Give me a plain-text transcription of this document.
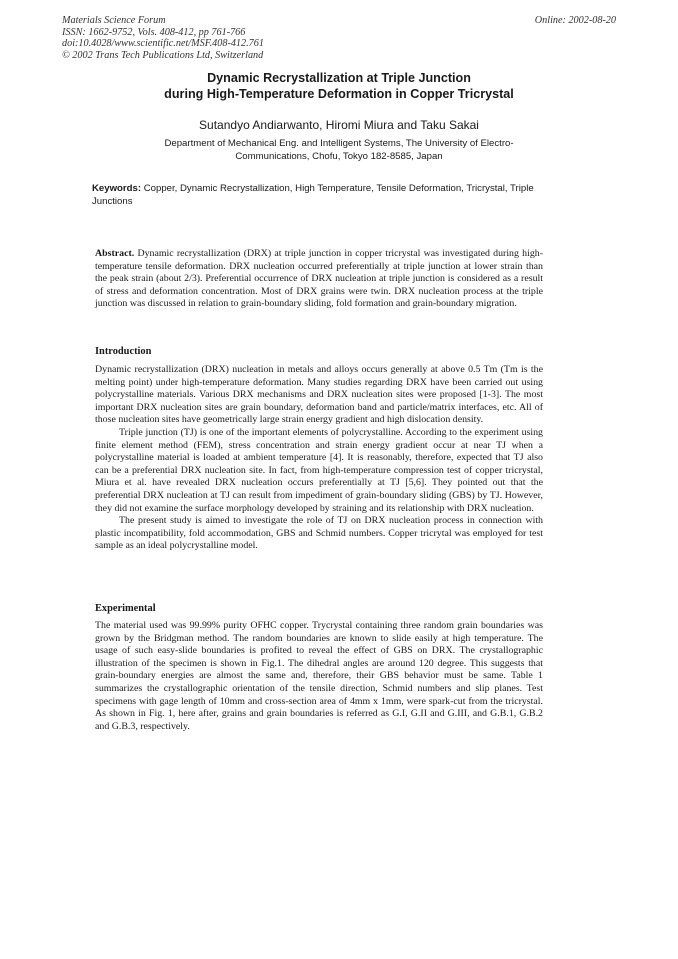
Materials Science Forum
ISSN: 1662-9752, Vols. 408-412, pp 761-766
doi:10.4028/www.scientific.net/MSF.408-412.761
© 2002 Trans Tech Publications Ltd, Switzerland
Online: 2002-08-20
Dynamic Recrystallization at Triple Junction
during High-Temperature Deformation in Copper Tricrystal
Sutandyo Andiarwanto, Hiromi Miura and Taku Sakai
Department of Mechanical Eng. and Intelligent Systems, The University of Electro-
Communications, Chofu, Tokyo 182-8585, Japan
Keywords: Copper, Dynamic Recrystallization, High Temperature, Tensile Deformation, Tricrystal, Triple Junctions

Abstract. Dynamic recrystallization (DRX) at triple junction in copper tricrystal was investigated during high-temperature tensile deformation. DRX nucleation occurred preferentially at triple junction at lower strain than the peak strain (about 2/3). Preferential occurrence of DRX nucleation at triple junction is considered as a result of stress and deformation concentration. Most of DRX grains were twin. DRX nucleation process at the triple junction was discussed in relation to grain-boundary sliding, fold formation and grain-boundary migration.

Introduction

Dynamic recrystallization (DRX) nucleation in metals and alloys occurs generally at above 0.5 Tm (Tm is the melting point) under high-temperature deformation. Many studies regarding DRX have been carried out using polycrystalline materials. Various DRX mechanisms and DRX nucleation sites were proposed [1-3]. The most important DRX nucleation sites are grain boundary, deformation band and particle/matrix interfaces, etc. All of those nucleation sites have geometrically large strain energy gradient and high dislocation density.

Triple junction (TJ) is one of the important elements of polycrystalline. According to the experiment using finite element method (FEM), stress concentration and strain energy gradient occur at near TJ when a polycrystalline material is loaded at ambient temperature [4]. It is reasonably, therefore, expected that TJ also can be a preferential DRX nucleation site. In fact, from high-temperature compression test of copper tricrystal, Miura et al. have revealed DRX nucleation occurs preferentially at TJ [5,6]. They pointed out that the preferential DRX nucleation at TJ can result from impediment of grain-boundary sliding (GBS) by TJ. However, they did not examine the surface morphology developed by straining and its relationship with DRX nucleation.

The present study is aimed to investigate the role of TJ on DRX nucleation process in connection with plastic incompatibility, fold accommodation, GBS and Schmid numbers. Copper tricrytal was employed for test sample as an ideal polycrystalline model.

Experimental

The material used was 99.99% purity OFHC copper. Trycrystal containing three random grain boundaries was grown by the Bridgman method. The random boundaries are known to slide easily at high temperature. The usage of such easy-slide boundaries is profited to reveal the effect of GBS on DRX. The crystallographic illustration of the specimen is shown in Fig.1. The dihedral angles are around 120 degree. This suggests that grain-boundary energies are almost the same and, therefore, their GBS behavior must be same. Table 1 summarizes the crystallographic orientation of the tensile direction, Schmid numbers and slip planes. Test specimens with gage length of 10mm and cross-section area of 4mm x 1mm, were spark-cut from the tricrystal. As shown in Fig. 1, here after, grains and grain boundaries is referred as G.I, G.II and G.III, and G.B.1, G.B.2 and G.B.3, respectively.
